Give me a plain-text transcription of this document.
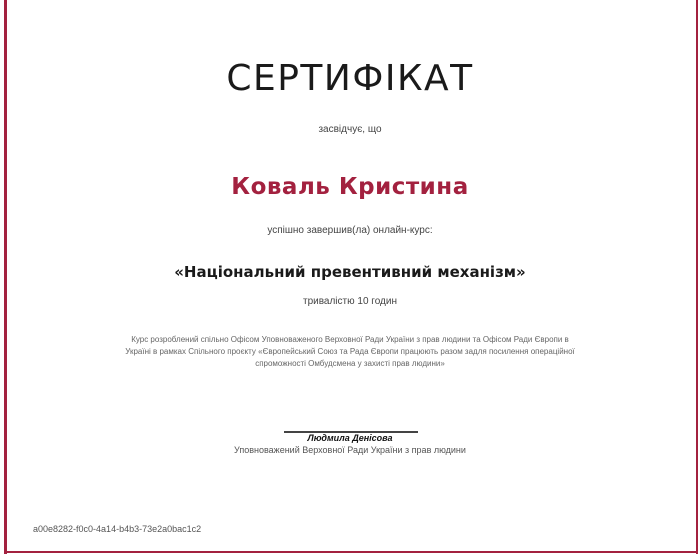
СЕРТИФІКАТ
засвідчує, що
Коваль Кристина
успішно завершив(ла) онлайн-курс:
«Національний превентивний механізм»
тривалістю 10 годин
Курс розроблений спільно Офісом Уповноваженого Верховної Ради України з прав людини та Офісом Ради Європи в Україні в рамках Спільного проєкту «Європейський Союз та Рада Європи працюють разом задля посилення операційної спроможності Омбудсмена у захисті прав людини»
Людмила Денісова
Уповноважений Верховної Ради України з прав людини
a00e8282-f0c0-4a14-b4b3-73e2a0bac1c2
